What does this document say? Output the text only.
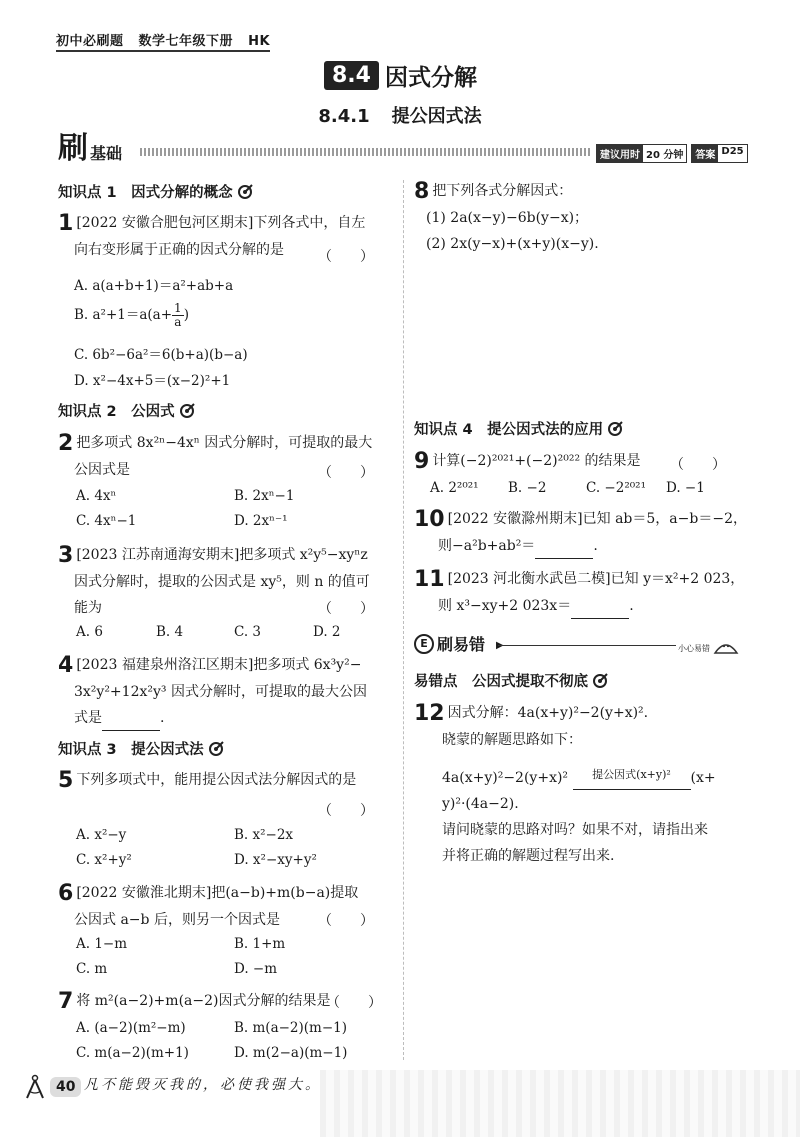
初中必刷题 数学七年级下册 HK
8.4 因式分解
8.4.1 提公因式法
刷 基础	建议用时 20 分钟	答案 D25
知识点 1　因式分解的概念
1 [2022 安徽合肥包河区期末]下列各式中，自左
向右变形属于正确的因式分解的是	（　　）
A. a(a+b+1)＝a²+ab+a
B. $a^2+1=a(a+ \frac{1}{a}$ )
C. 6b²−6a²＝6(b+a)(b−a)
D. x²−4x+5＝(x−2)²+1
知识点 2　公因式
2 把多项式 8x²ⁿ−4xⁿ 因式分解时，可提取的最大
公因式是	（　　）
A. 4xⁿ	B. 2xⁿ−1
C. 4xⁿ−1	D. 2xⁿ⁻¹
3 [2023 江苏南通海安期末]把多项式 x²y⁵−xyⁿz
因式分解时，提取的公因式是 xy⁵，则 n 的值可
能为	（　　）
A. 6	B. 4	C. 3	D. 2
4 [2023 福建泉州洛江区期末]把多项式 6x³y²−
3x²y²+12x²y³ 因式分解时，可提取的最大公因
式是	.
知识点 3　提公因式法
5 下列多项式中，能用提公因式法分解因式的是
（　　）
A. x²−y	B. x²−2x
C. x²+y²	D. x²−xy+y²
6 [2022 安徽淮北期末]把(a−b)+m(b−a)提取
公因式 a−b 后，则另一个因式是	（　　）
A. 1−m	B. 1+m
C. m	D. −m
7 将 m²(a−2)+m(a−2)因式分解的结果是
（　　）
A. (a−2)(m²−m)	B. m(a−2)(m−1)
C. m(a−2)(m+1)	D. m(2−a)(m−1)
8 把下列各式分解因式：
(1) 2a(x−y)−6b(y−x)；
(2) 2x(y−x)+(x+y)(x−y).
知识点 4　提公因式法的应用
9 计算(−2)²⁰²¹+(−2)²⁰²² 的结果是 （　　）
A. 2²⁰²¹ B. −2	C. −2²⁰²¹ D. −1
10 [2022 安徽滁州期末]已知 ab＝5，a−b＝−2，
则−a²b+ab²＝	.
11 [2023 河北衡水武邑二模]已知 y＝x²+2 023，
则 x³−xy+2 023x＝	.
E 刷易错 ▶	小心易错
易错点　公因式提取不彻底
12 因式分解：4a(x+y)²−2(y+x)².
晓蒙的解题思路如下：
4a(x+y)²−2(y+x)² 提公因式(x+y)² (x+
y)²·(4a−2).
请问晓蒙的思路对吗？如果不对，请指出来
并将正确的解题过程写出来.
40 凡不能毁灭我的，必使我强大。
